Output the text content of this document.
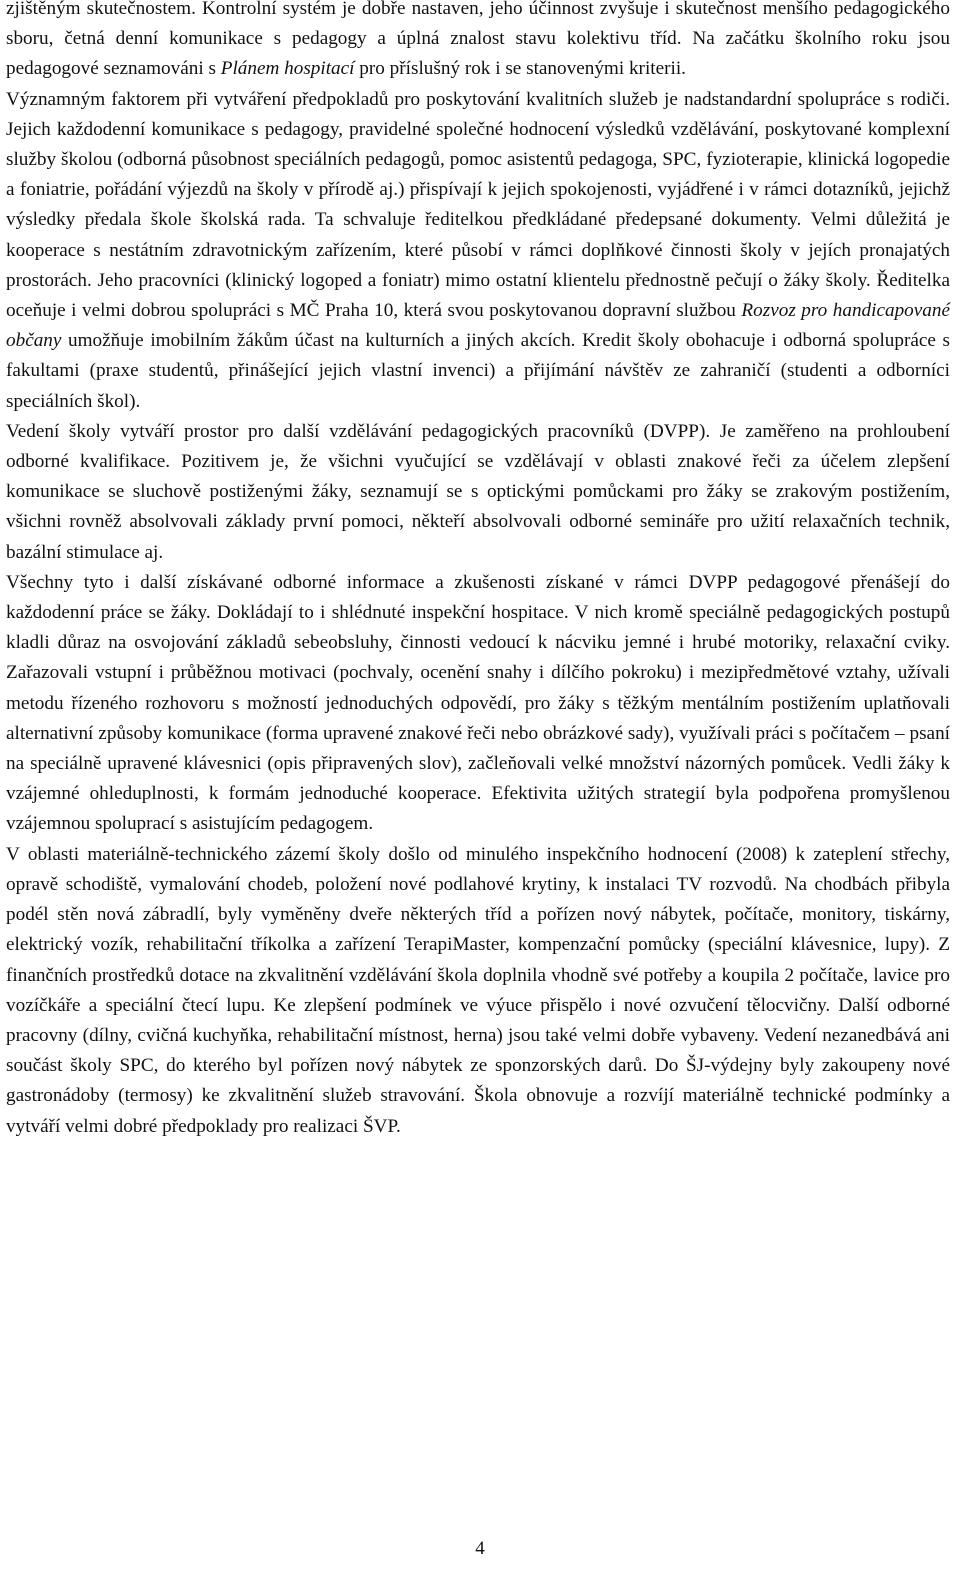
zjištěným skutečnostem. Kontrolní systém je dobře nastaven, jeho účinnost zvyšuje i skutečnost menšího pedagogického sboru, četná denní komunikace s pedagogy a úplná znalost stavu kolektivu tříd. Na začátku školního roku jsou pedagogové seznamováni s Plánem hospitací pro příslušný rok i se stanovenými kriterii.

Významným faktorem při vytváření předpokladů pro poskytování kvalitních služeb je nadstandardní spolupráce s rodiči. Jejich každodenní komunikace s pedagogy, pravidelné společné hodnocení výsledků vzdělávání, poskytované komplexní služby školou (odborná působnost speciálních pedagogů, pomoc asistentů pedagoga, SPC, fyzioterapie, klinická logopedie a foniatrie, pořádání výjezdů na školy v přírodě aj.) přispívají k jejich spokojenosti, vyjádřené i v rámci dotazníků, jejichž výsledky předala škole školská rada. Ta schvaluje ředitelkou předkládané předepsané dokumenty. Velmi důležitá je kooperace s nestátním zdravotnickým zařízením, které působí v rámci doplňkové činnosti školy v jejích pronajatých prostorách. Jeho pracovníci (klinický logoped a foniatr) mimo ostatní klientelu přednostně pečují o žáky školy. Ředitelka oceňuje i velmi dobrou spolupráci s MČ Praha 10, která svou poskytovanou dopravní službou Rozvoz pro handicapované občany umožňuje imobilním žákům účast na kulturních a jiných akcích. Kredit školy obohacuje i odborná spolupráce s fakultami (praxe studentů, přinášející jejich vlastní invenci) a přijímání návštěv ze zahraničí (studenti a odborníci speciálních škol).

Vedení školy vytváří prostor pro další vzdělávání pedagogických pracovníků (DVPP). Je zaměřeno na prohloubení odborné kvalifikace. Pozitivem je, že všichni vyučující se vzdělávají v oblasti znakové řeči za účelem zlepšení komunikace se sluchově postiženými žáky, seznamují se s optickými pomůckami pro žáky se zrakovým postižením, všichni rovněž absolvovali základy první pomoci, někteří absolvovali odborné semináře pro užití relaxačních technik, bazální stimulace aj.

Všechny tyto i další získávané odborné informace a zkušenosti získané v rámci DVPP pedagogové přenášejí do každodenní práce se žáky. Dokládají to i shlédnuté inspekční hospitace. V nich kromě speciálně pedagogických postupů kladli důraz na osvojování základů sebeobsluhy, činnosti vedoucí k nácviku jemné i hrubé motoriky, relaxační cviky. Zařazovali vstupní i průběžnou motivaci (pochvaly, ocenění snahy i dílčího pokroku) i mezipředmětové vztahy, užívali metodu řízeného rozhovoru s možností jednoduchých odpovědí, pro žáky s těžkým mentálním postižením uplatňovali alternativní způsoby komunikace (forma upravené znakové řeči nebo obrázkové sady), využívali práci s počítačem – psaní na speciálně upravené klávesnici (opis připravených slov), začleňovali velké množství názorných pomůcek. Vedli žáky k vzájemné ohleduplnosti, k formám jednoduché kooperace. Efektivita užitých strategií byla podpořena promyšlenou vzájemnou spoluprací s asistujícím pedagogem.

V oblasti materiálně-technického zázemí školy došlo od minulého inspekčního hodnocení (2008) k zateplení střechy, opravě schodiště, vymalování chodeb, položení nové podlahové krytiny, k instalaci TV rozvodů. Na chodbách přibyla podél stěn nová zábradlí, byly vyměněny dveře některých tříd a pořízen nový nábytek, počítače, monitory, tiskárny, elektrický vozík, rehabilitační tříkolka a zařízení TerapiMaster, kompenzační pomůcky (speciální klávesnice, lupy). Z finančních prostředků dotace na zkvalitnění vzdělávání škola doplnila vhodně své potřeby a koupila 2 počítače, lavice pro vozíčkáře a speciální čtecí lupu. Ke zlepšení podmínek ve výuce přispělo i nové ozvučení tělocvičny. Další odborné pracovny (dílny, cvičná kuchyňka, rehabilitační místnost, herna) jsou také velmi dobře vybaveny. Vedení nezanedbává ani součást školy SPC, do kterého byl pořízen nový nábytek ze sponzorských darů. Do ŠJ-výdejny byly zakoupeny nové gastronádoby (termosy) ke zkvalitnění služeb stravování. Škola obnovuje a rozvíjí materiálně technické podmínky a vytváří velmi dobré předpoklady pro realizaci ŠVP.

4
